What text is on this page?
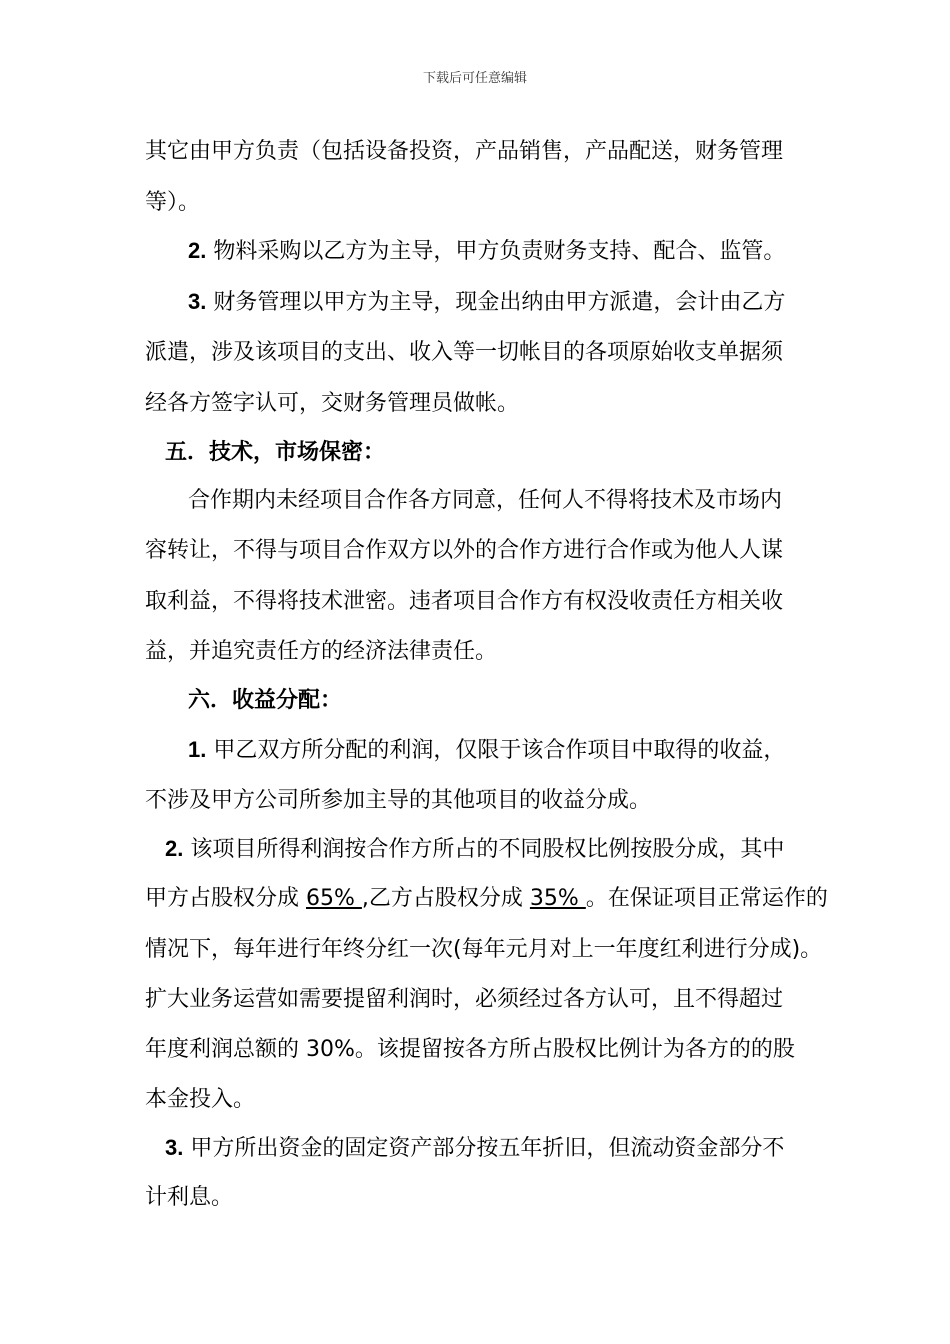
下载后可任意编辑
其它由甲方负责（包括设备投资，产品销售，产品配送，财务管理
等）。
2. 物料采购以乙方为主导，甲方负责财务支持、配合、监管。
3. 财务管理以甲方为主导，现金出纳由甲方派遣，会计由乙方
派遣，涉及该项目的支出、收入等一切帐目的各项原始收支单据须
经各方签字认可，交财务管理员做帐。
五．技术，市场保密：
合作期内未经项目合作各方同意，任何人不得将技术及市场内
容转让，不得与项目合作双方以外的合作方进行合作或为他人人谋
取利益，不得将技术泄密。违者项目合作方有权没收责任方相关收
益，并追究责任方的经济法律责任。
六．收益分配：
1. 甲乙双方所分配的利润，仅限于该合作项目中取得的收益，
不涉及甲方公司所参加主导的其他项目的收益分成。
2. 该项目所得利润按合作方所占的不同股权比例按股分成，其中
甲方占股权分成 65% ,乙方占股权分成 35% 。在保证项目正常运作的
情况下，每年进行年终分红一次(每年元月对上一年度红利进行分成)。
扩大业务运营如需要提留利润时，必须经过各方认可，且不得超过
年度利润总额的 30%。该提留按各方所占股权比例计为各方的的股
本金投入。
3. 甲方所出资金的固定资产部分按五年折旧，但流动资金部分不
计利息。
